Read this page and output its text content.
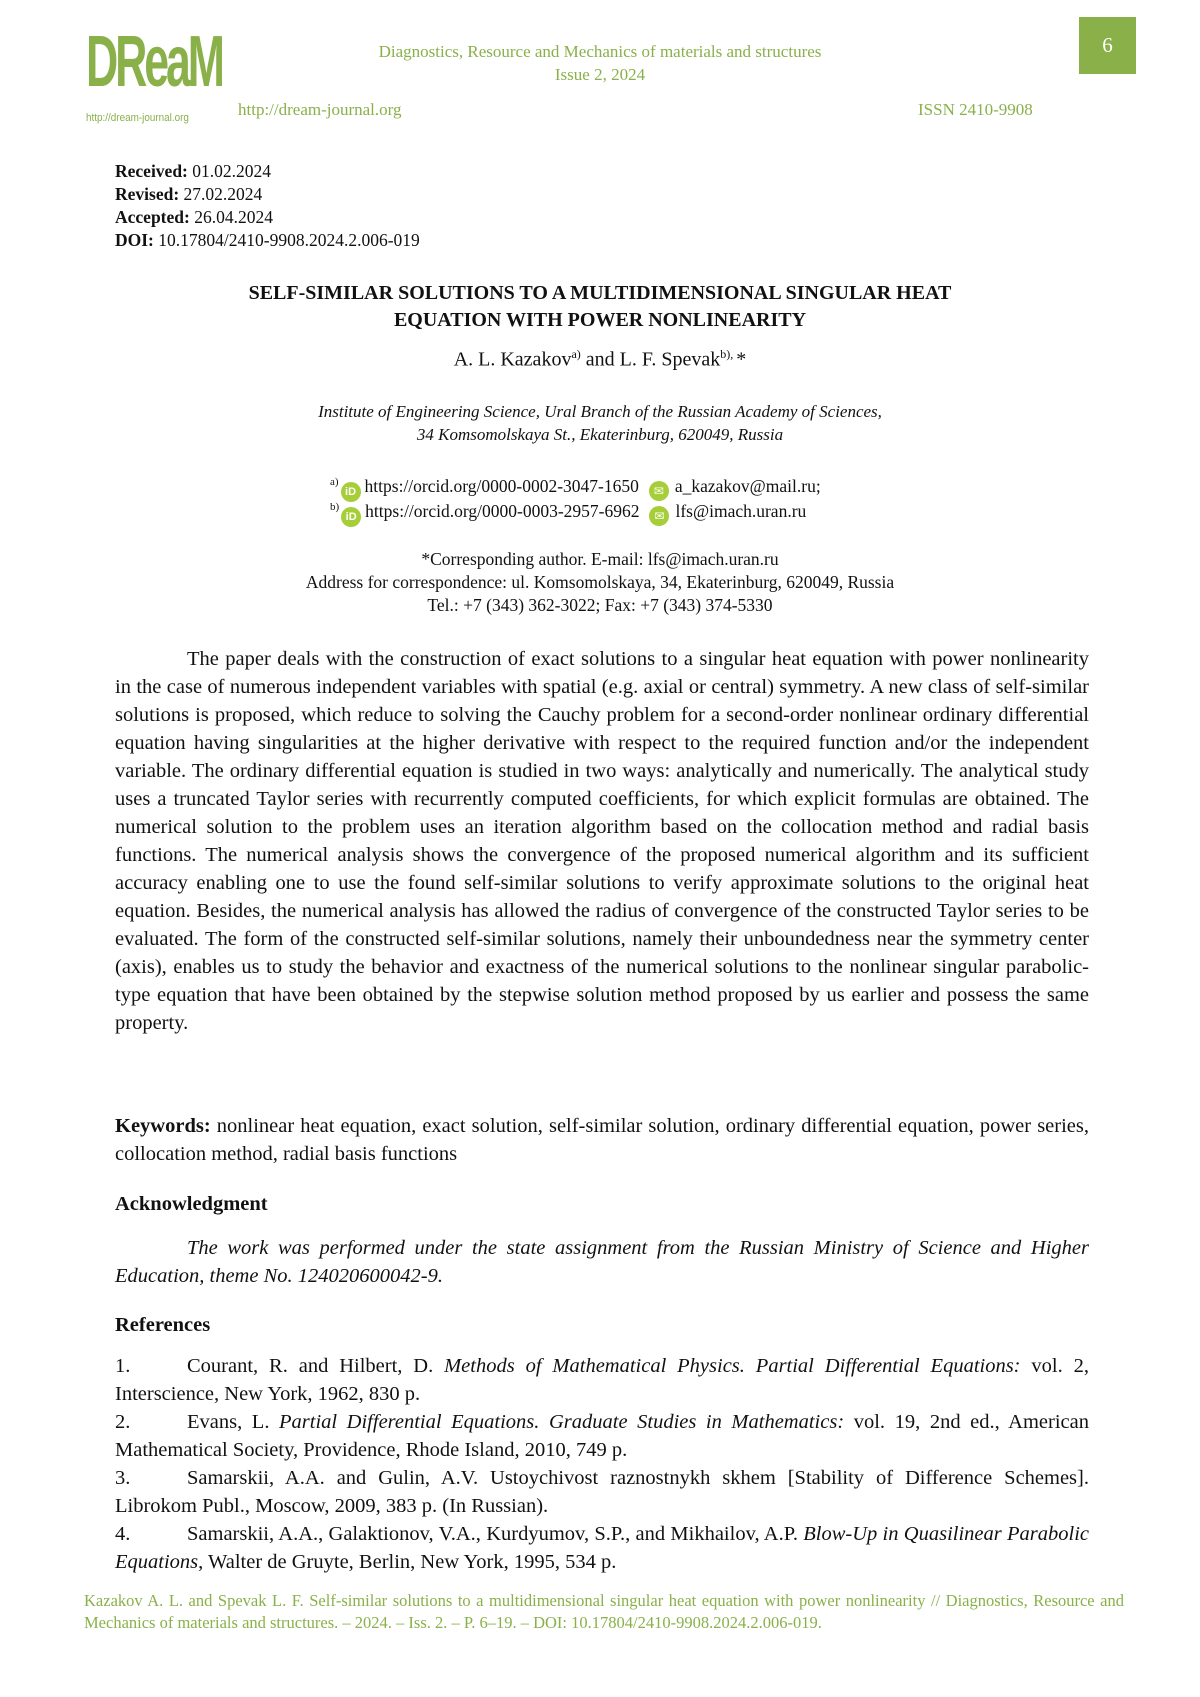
DReaM
http://dream-journal.org
Diagnostics, Resource and Mechanics of materials and structures
Issue 2, 2024
http://dream-journal.org	ISSN 2410-9908
6
Received: 01.02.2024
Revised: 27.02.2024
Accepted: 26.04.2024
DOI: 10.17804/2410-9908.2024.2.006-019
SELF-SIMILAR SOLUTIONS TO A MULTIDIMENSIONAL SINGULAR HEAT
EQUATION WITH POWER NONLINEARITY
A. L. Kazakov$^{a)}$ and L. F. Spevak$^{b),}$ *
Institute of Engineering Science, Ural Branch of the Russian Academy of Sciences,
34 Komsomolskaya St., Ekaterinburg, 620049, Russia
$^{a)}$iD https://orcid.org/0000-0002-3047-1650 ✉ a_kazakov@mail.ru;
$^{b)}$iD https://orcid.org/0000-0003-2957-6962 ✉ lfs@imach.uran.ru
*Corresponding author. E-mail: lfs@imach.uran.ru
Address for correspondence: ul. Komsomolskaya, 34, Ekaterinburg, 620049, Russia
Tel.: +7 (343) 362-3022; Fax: +7 (343) 374-5330
The paper deals with the construction of exact solutions to a singular heat equation with power nonlinearity in the case of numerous independent variables with spatial (e.g. axial or central) symmetry. A new class of self-similar solutions is proposed, which reduce to solving the Cauchy problem for a second-order nonlinear ordinary differential equation having singularities at the higher derivative with respect to the required function and/or the independent variable. The ordinary differential equation is studied in two ways: analytically and numerically. The analytical study uses a truncated Taylor series with recurrently computed coefficients, for which explicit formulas are obtained. The numerical solution to the problem uses an iteration algorithm based on the collocation method and radial basis functions. The numerical analysis shows the convergence of the proposed numerical algorithm and its sufficient accuracy enabling one to use the found self-similar solutions to verify approximate solutions to the original heat equation. Besides, the numerical analysis has allowed the radius of convergence of the constructed Taylor series to be evaluated. The form of the constructed self-similar solutions, namely their unboundedness near the symmetry center (axis), enables us to study the behavior and exactness of the numerical solutions to the nonlinear singular parabolic-type equation that have been obtained by the stepwise solution method proposed by us earlier and possess the same property.
Keywords: nonlinear heat equation, exact solution, self-similar solution, ordinary differential equation, power series, collocation method, radial basis functions
Acknowledgment
The work was performed under the state assignment from the Russian Ministry of Science and Higher Education, theme No. 124020600042-9.
References
1.	Courant, R. and Hilbert, D. Methods of Mathematical Physics. Partial Differential Equations: vol. 2, Interscience, New York, 1962, 830 p.
2.	Evans, L. Partial Differential Equations. Graduate Studies in Mathematics: vol. 19, 2nd ed., American Mathematical Society, Providence, Rhode Island, 2010, 749 p.
3.	Samarskii, A.A. and Gulin, A.V. Ustoychivost raznostnykh skhem [Stability of Difference Schemes]. Librokom Publ., Moscow, 2009, 383 p. (In Russian).
4.	Samarskii, A.A., Galaktionov, V.A., Kurdyumov, S.P., and Mikhailov, A.P. Blow-Up in Quasilinear Parabolic Equations, Walter de Gruyte, Berlin, New York, 1995, 534 p.
Kazakov A. L. and Spevak L. F. Self-similar solutions to a multidimensional singular heat equation with power nonlinearity // Diagnostics, Resource and Mechanics of materials and structures. – 2024. – Iss. 2. – P. 6–19. – DOI: 10.17804/2410-9908.2024.2.006-019.
